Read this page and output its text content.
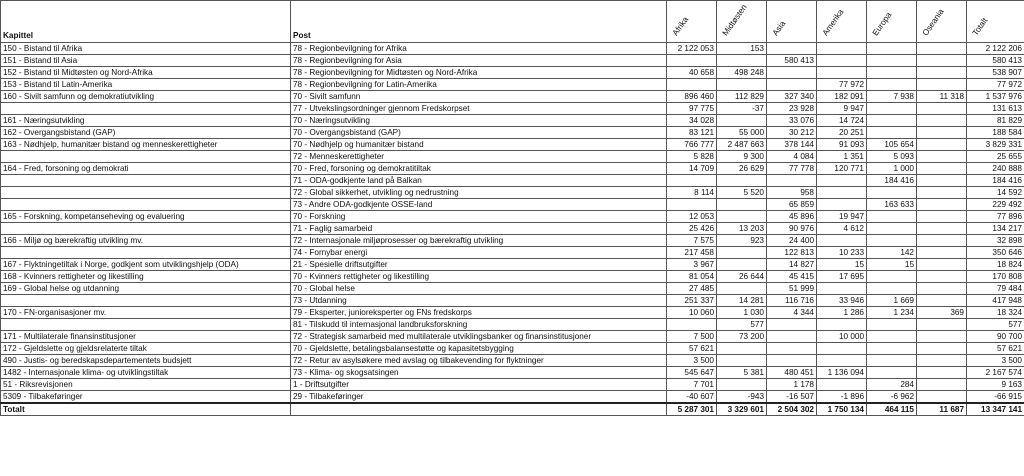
Kapittel	Post	Afrika	Midtøsten	Asia	Amerika	Europa	Oseania	Totalt

150 - Bistand til Afrika	78 - Regionbevilgning for Afrika	2 122 053	153					2 122 206
151 - Bistand til Asia	78 - Regionbevilgning for Asia			580 413				580 413
152 - Bistand til Midtøsten og Nord-Afrika	78 - Regionbevilgning for Midtøsten og Nord-Afrika	40 658	498 248					538 907
153 - Bistand til Latin-Amerika	78 - Regionbevilgning for Latin-Amerika				77 972			77 972
160 - Sivilt samfunn og demokratiutvikling	70 - Sivilt samfunn	896 460	112 829	327 340	182 091	7 938	11 318	1 537 976
	77 - Utvekslingsordninger gjennom Fredskorpset	97 775	-37	23 928	9 947			131 613
161 - Næringsutvikling	70 - Næringsutvikling	34 028		33 076	14 724			81 829
162 - Overgangsbistand (GAP)	70 - Overgangsbistand (GAP)	83 121	55 000	30 212	20 251			188 584
163 - Nødhjelp, humanitær bistand og menneskerettigheter	70 - Nødhjelp og humanitær bistand	766 777	2 487 663	378 144	91 093	105 654		3 829 331
	72 - Menneskerettigheter	5 828	9 300	4 084	1 351	5 093		25 655
164 - Fred, forsoning og demokrati	70 - Fred, forsoning og demokratitiltak	14 709	26 629	77 778	120 771	1 000		240 888
	71 - ODA-godkjente land på Balkan					184 416		184 416
	72 - Global sikkerhet, utvikling og nedrustning	8 114	5 520	958				14 592
	73 - Andre ODA-godkjente OSSE-land			65 859		163 633		229 492
165 - Forskning, kompetanseheving og evaluering	70 - Forskning	12 053		45 896	19 947			77 896
	71 - Faglig samarbeid	25 426	13 203	90 976	4 612			134 217
166 - Miljø og bærekraftig utvikling mv.	72 - Internasjonale miljøprosesser og bærekraftig utvikling	7 575	923	24 400				32 898
	74 - Fornybar energi	217 458		122 813	10 233	142		350 646
167 - Flyktningetiltak i Norge, godkjent som utviklingshjelp (ODA)	21 - Spesielle driftsutgifter	3 967		14 827	15	15		18 824
168 - Kvinners rettigheter og likestilling	70 - Kvinners rettigheter og likestilling	81 054	26 644	45 415	17 695			170 808
169 - Global helse og utdanning	70 - Global helse	27 485		51 999				79 484
	73 - Utdanning	251 337	14 281	116 716	33 946	1 669		417 948
170 - FN-organisasjoner mv.	79 - Eksperter, junioreksperter og FNs fredskorps	10 060	1 030	4 344	1 286	1 234	369	18 324
	81 - Tilskudd til internasjonal landbruksforskning		577					577
171 - Multilaterale finansinstitusjoner	72 - Strategisk samarbeid med multilaterale utviklingsbanker og finansinstitusjoner	7 500	73 200		10 000			90 700
172 - Gjeldslette og gjeldsrelaterte tiltak	70 - Gjeldslette, betalingsbalansestøtte og kapasitetsbygging	57 621						57 621
490 - Justis- og beredskapsdepartementets budsjett	72 - Retur av asylsøkere med avslag og tilbakevending for flyktninger	3 500						3 500
1482 - Internasjonale klima- og utviklingstiltak	73 - Klima- og skogsatsingen	545 647	5 381	480 451	1 136 094			2 167 574
51 - Riksrevisjonen	1 - Driftsutgifter	7 701		1 178		284		9 163
5309 - Tilbakeføringer	29 - Tilbakeføringer	-40 607	-943	-16 507	-1 896	-6 962		-66 915
Totalt		5 287 301	3 329 601	2 504 302	1 750 134	464 115	11 687	13 347 141
